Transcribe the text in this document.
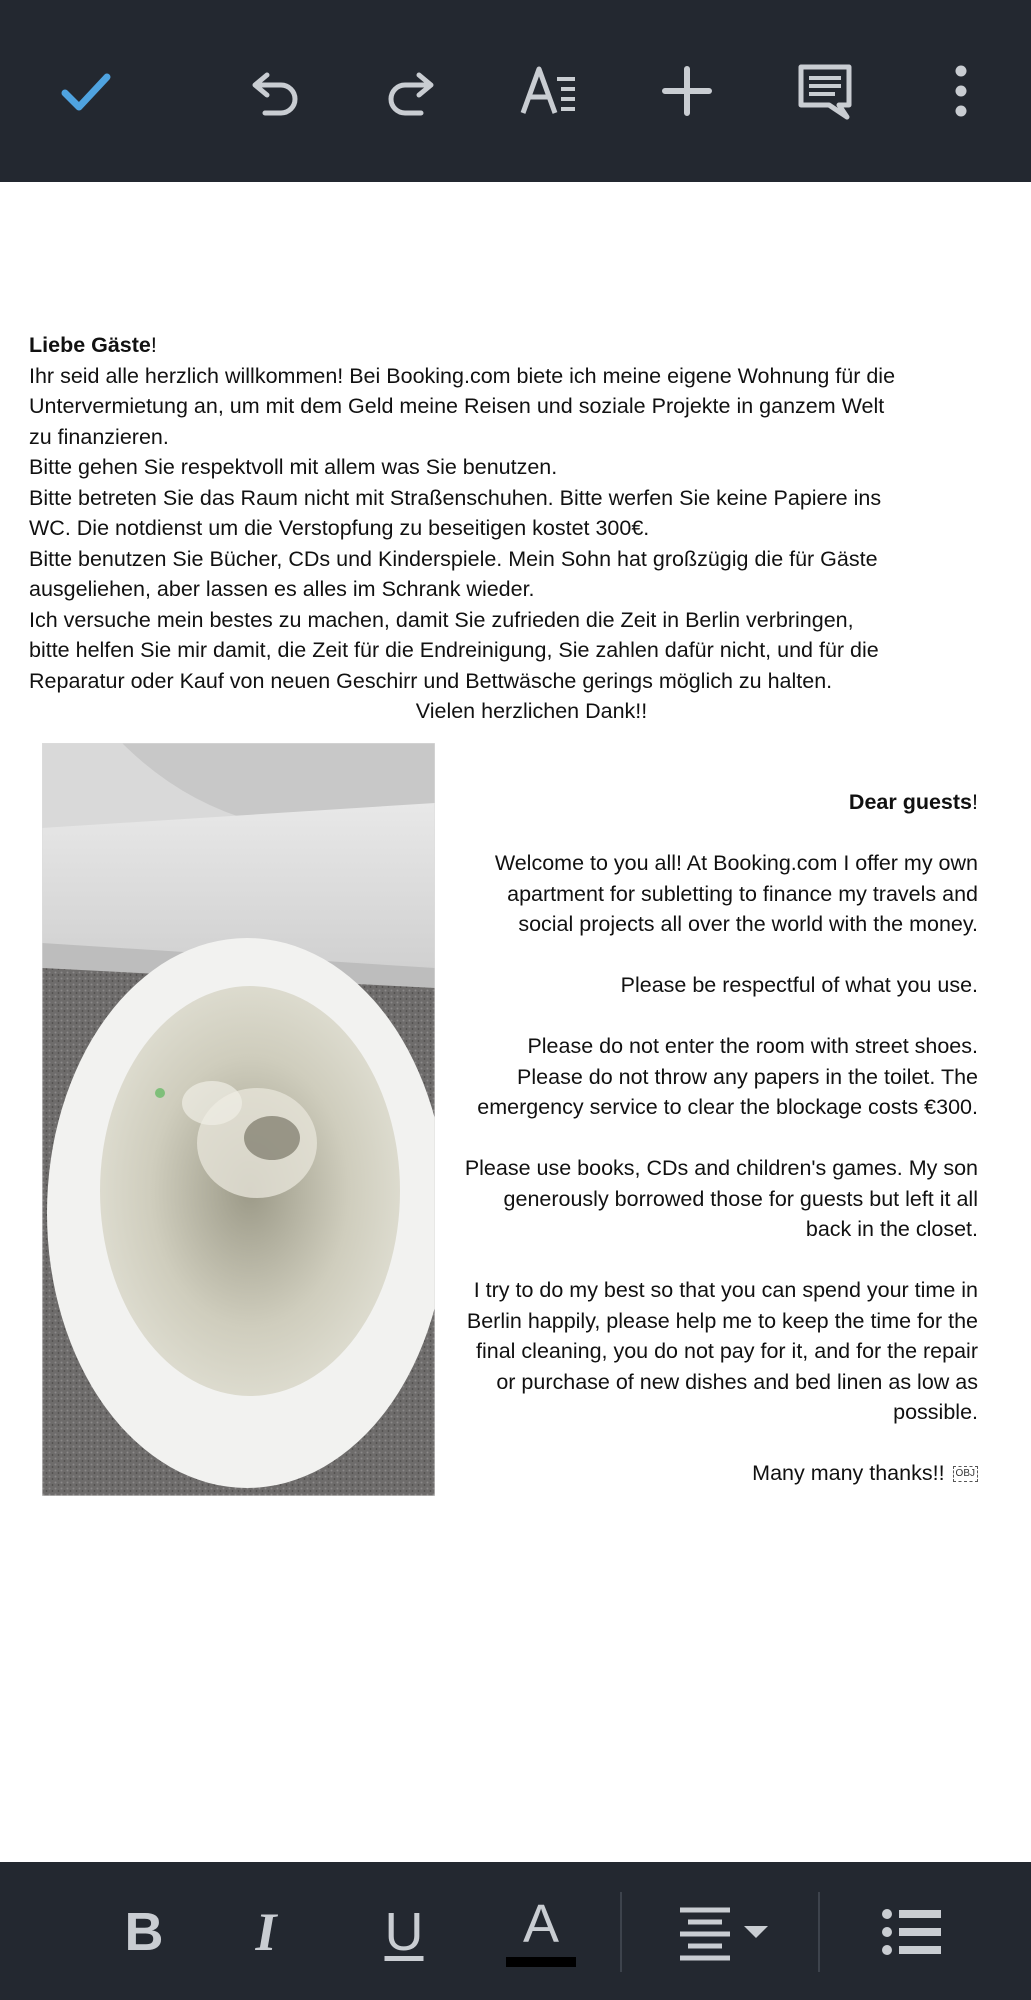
Liebe Gäste!

Ihr seid alle herzlich willkommen! Bei Booking.com biete ich meine eigene Wohnung für die

Untervermietung an, um mit dem Geld meine Reisen und soziale Projekte in ganzem Welt

zu finanzieren.

Bitte gehen Sie respektvoll mit allem was Sie benutzen.

Bitte betreten Sie das Raum nicht mit Straßenschuhen. Bitte werfen Sie keine Papiere ins

WC. Die notdienst um die Verstopfung zu beseitigen kostet 300€.

Bitte benutzen Sie Bücher, CDs und Kinderspiele. Mein Sohn hat großzügig die für Gäste

ausgeliehen, aber lassen es alles im Schrank wieder.

Ich versuche mein bestes zu machen, damit Sie zufrieden die Zeit in Berlin verbringen,

bitte helfen Sie mir damit, die Zeit für die Endreinigung, Sie zahlen dafür nicht, und für die

Reparatur oder Kauf von neuen Geschirr und Bettwäsche gerings möglich zu halten.

Vielen herzlichen Dank!!

Dear guests!

Welcome to you all! At Booking.com I offer my own apartment for subletting to finance my travels and social projects all over the world with the money.

Please be respectful of what you use.

Please do not enter the room with street shoes. Please do not throw any papers in the toilet. The emergency service to clear the blockage costs €300.

Please use books, CDs and children's games. My son generously borrowed those for guests but left it all back in the closet.

I try to do my best so that you can spend your time in Berlin happily, please help me to keep the time for the final cleaning, you do not pay for it, and for the repair or purchase of new dishes and bed linen as low as possible.

Many many thanks!! OBJ

B I U A
